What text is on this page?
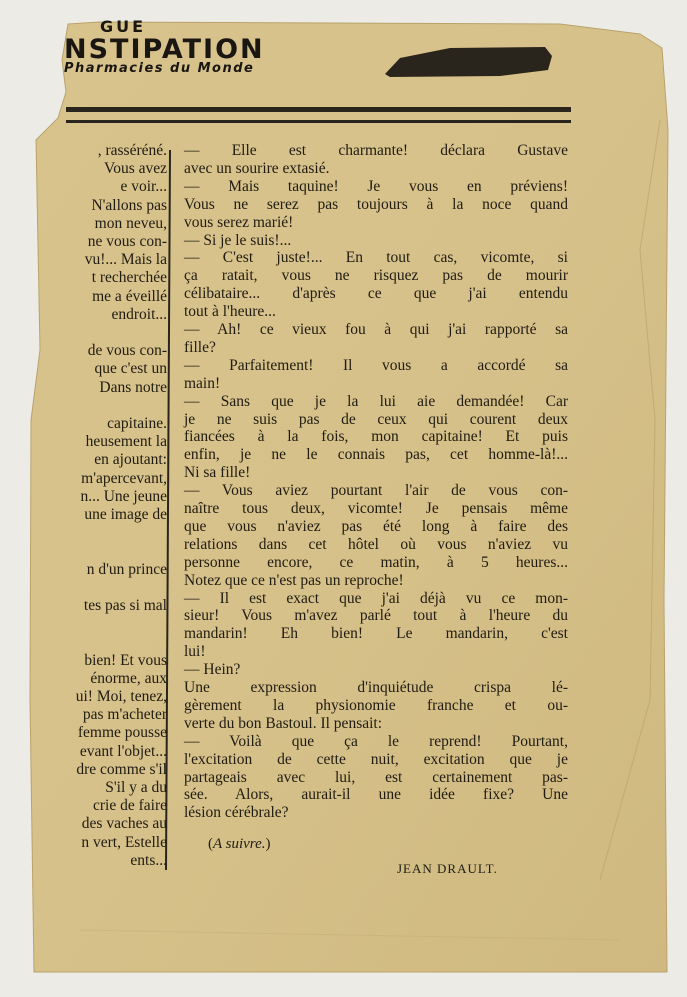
GUE
NSTIPATION
Pharmacies du Monde
, rasséréné.
Vous avez
e voir...
N'allons pas
mon neveu,
ne vous con-
vu!... Mais la
t recherchée
me a éveillé
endroit...
de vous con-
que c'est un
Dans notre
capitaine.
heusement la
en ajoutant:
m'apercevant,
n... Une jeune
une image de
n d'un prince
tes pas si mal
bien! Et vous
énorme, aux
ui! Moi, tenez,
pas m'acheter
femme pousse
evant l'objet...
dre comme s'il
S'il y a du
crie de faire
des vaches au
n vert, Estelle
ents...
— Elle est charmante! déclara Gustave
avec un sourire extasié.
— Mais taquine! Je vous en préviens!
Vous ne serez pas toujours à la noce quand
vous serez marié!
— Si je le suis!...
— C'est juste!... En tout cas, vicomte, si
ça ratait, vous ne risquez pas de mourir
célibataire... d'après ce que j'ai entendu
tout à l'heure...
— Ah! ce vieux fou à qui j'ai rapporté sa
fille?
— Parfaitement! Il vous a accordé sa
main!
— Sans que je la lui aie demandée! Car
je ne suis pas de ceux qui courent deux
fiancées à la fois, mon capitaine! Et puis
enfin, je ne le connais pas, cet homme-là!...
Ni sa fille!
— Vous aviez pourtant l'air de vous con-
naître tous deux, vicomte! Je pensais même
que vous n'aviez pas été long à faire des
relations dans cet hôtel où vous n'aviez vu
personne encore, ce matin, à 5 heures...
Notez que ce n'est pas un reproche!
— Il est exact que j'ai déjà vu ce mon-
sieur! Vous m'avez parlé tout à l'heure du
mandarin! Eh bien! Le mandarin, c'est
lui!
— Hein?
Une expression d'inquiétude crispa lé-
gèrement la physionomie franche et ou-
verte du bon Bastoul. Il pensait:
— Voilà que ça le reprend! Pourtant,
l'excitation de cette nuit, excitation que je
partageais avec lui, est certainement pas-
sée. Alors, aurait-il une idée fixe? Une
lésion cérébrale?
(A suivre.)
JEAN DRAULT.
